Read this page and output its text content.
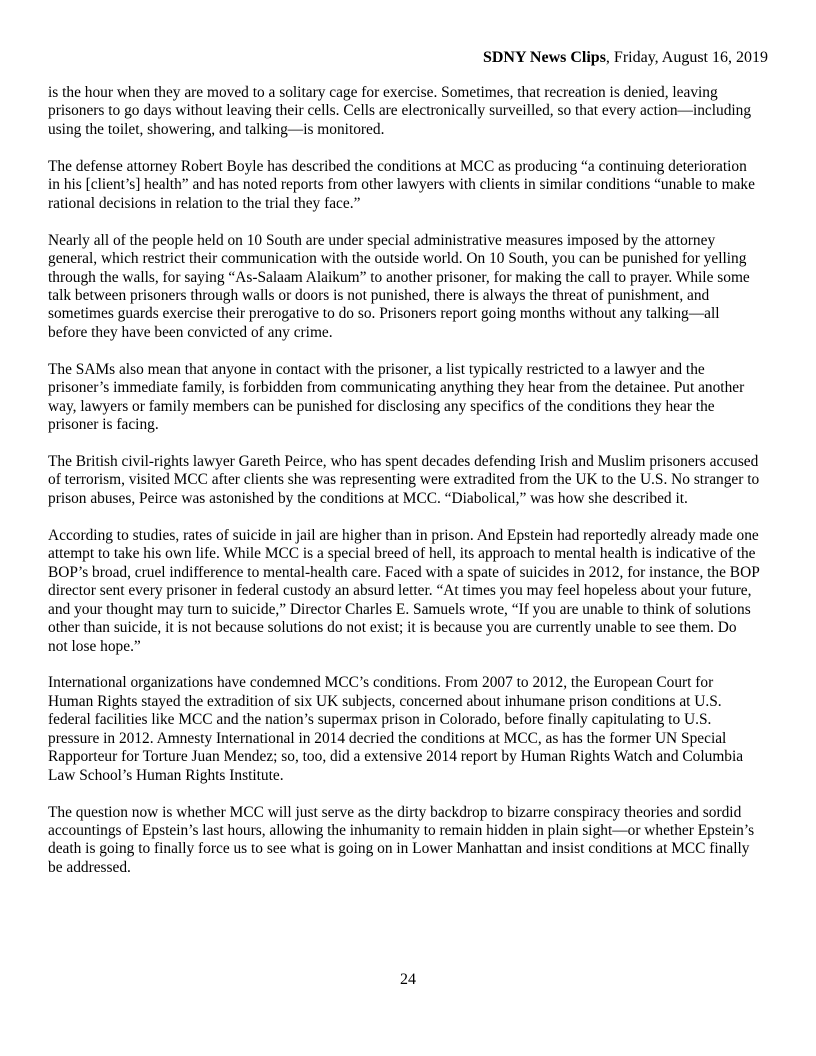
SDNY News Clips, Friday, August 16, 2019

is the hour when they are moved to a solitary cage for exercise. Sometimes, that recreation is denied, leaving prisoners to go days without leaving their cells. Cells are electronically surveilled, so that every action—including using the toilet, showering, and talking—is monitored.

The defense attorney Robert Boyle has described the conditions at MCC as producing “a continuing deterioration in his [client’s] health” and has noted reports from other lawyers with clients in similar conditions “unable to make rational decisions in relation to the trial they face.”

Nearly all of the people held on 10 South are under special administrative measures imposed by the attorney general, which restrict their communication with the outside world. On 10 South, you can be punished for yelling through the walls, for saying “As-Salaam Alaikum” to another prisoner, for making the call to prayer. While some talk between prisoners through walls or doors is not punished, there is always the threat of punishment, and sometimes guards exercise their prerogative to do so. Prisoners report going months without any talking—all before they have been convicted of any crime.

The SAMs also mean that anyone in contact with the prisoner, a list typically restricted to a lawyer and the prisoner’s immediate family, is forbidden from communicating anything they hear from the detainee. Put another way, lawyers or family members can be punished for disclosing any specifics of the conditions they hear the prisoner is facing.

The British civil-rights lawyer Gareth Peirce, who has spent decades defending Irish and Muslim prisoners accused of terrorism, visited MCC after clients she was representing were extradited from the UK to the U.S. No stranger to prison abuses, Peirce was astonished by the conditions at MCC. “Diabolical,” was how she described it.

According to studies, rates of suicide in jail are higher than in prison. And Epstein had reportedly already made one attempt to take his own life. While MCC is a special breed of hell, its approach to mental health is indicative of the BOP’s broad, cruel indifference to mental-health care. Faced with a spate of suicides in 2012, for instance, the BOP director sent every prisoner in federal custody an absurd letter. “At times you may feel hopeless about your future, and your thought may turn to suicide,” Director Charles E. Samuels wrote, “If you are unable to think of solutions other than suicide, it is not because solutions do not exist; it is because you are currently unable to see them. Do not lose hope.”

International organizations have condemned MCC’s conditions. From 2007 to 2012, the European Court for Human Rights stayed the extradition of six UK subjects, concerned about inhumane prison conditions at U.S. federal facilities like MCC and the nation’s supermax prison in Colorado, before finally capitulating to U.S. pressure in 2012. Amnesty International in 2014 decried the conditions at MCC, as has the former UN Special Rapporteur for Torture Juan Mendez; so, too, did a extensive 2014 report by Human Rights Watch and Columbia Law School’s Human Rights Institute.

The question now is whether MCC will just serve as the dirty backdrop to bizarre conspiracy theories and sordid accountings of Epstein’s last hours, allowing the inhumanity to remain hidden in plain sight—or whether Epstein’s death is going to finally force us to see what is going on in Lower Manhattan and insist conditions at MCC finally be addressed.

24
